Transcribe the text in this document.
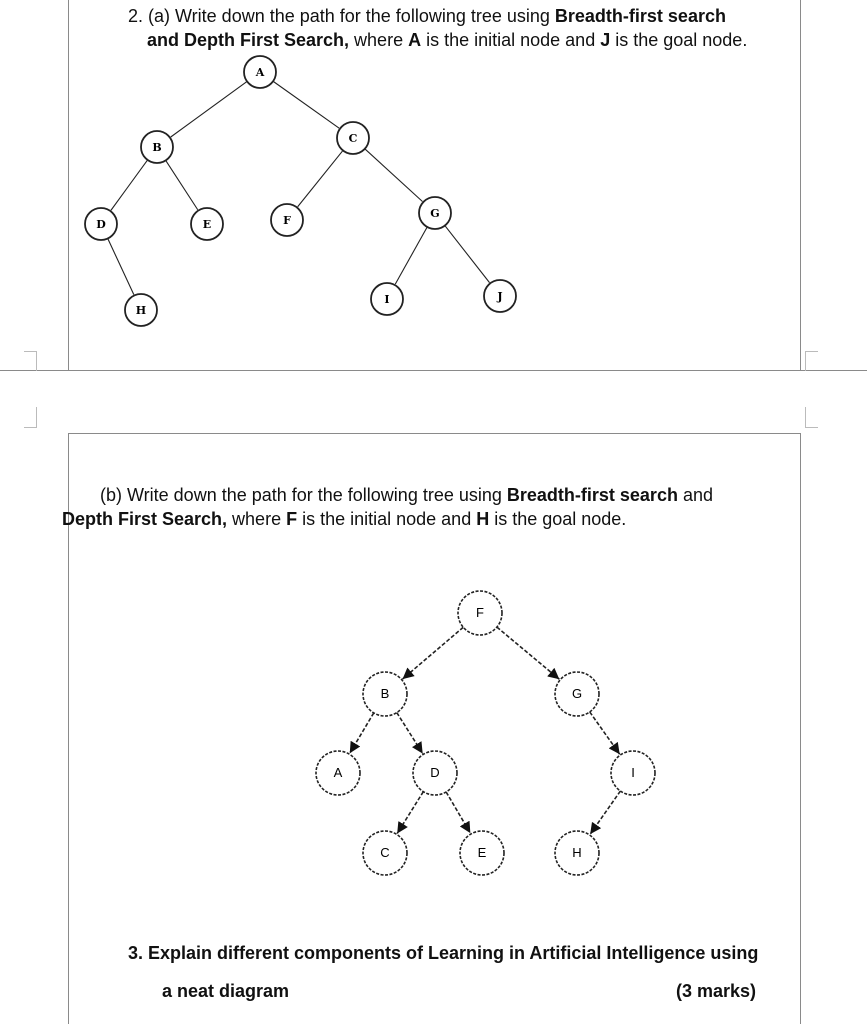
2. (a) Write down the path for the following tree using Breadth-first search
and Depth First Search, where A is the initial node and J is the goal node.
(b) Write down the path for the following tree using Breadth-first search and
Depth First Search, where F is the initial node and H is the goal node.
A
B
C
D	E	F
G
H
I	J
F
B	G
A	D	I
C	E	H
3. Explain different components of Learning in Artificial Intelligence using
a neat diagram	(3 marks)
